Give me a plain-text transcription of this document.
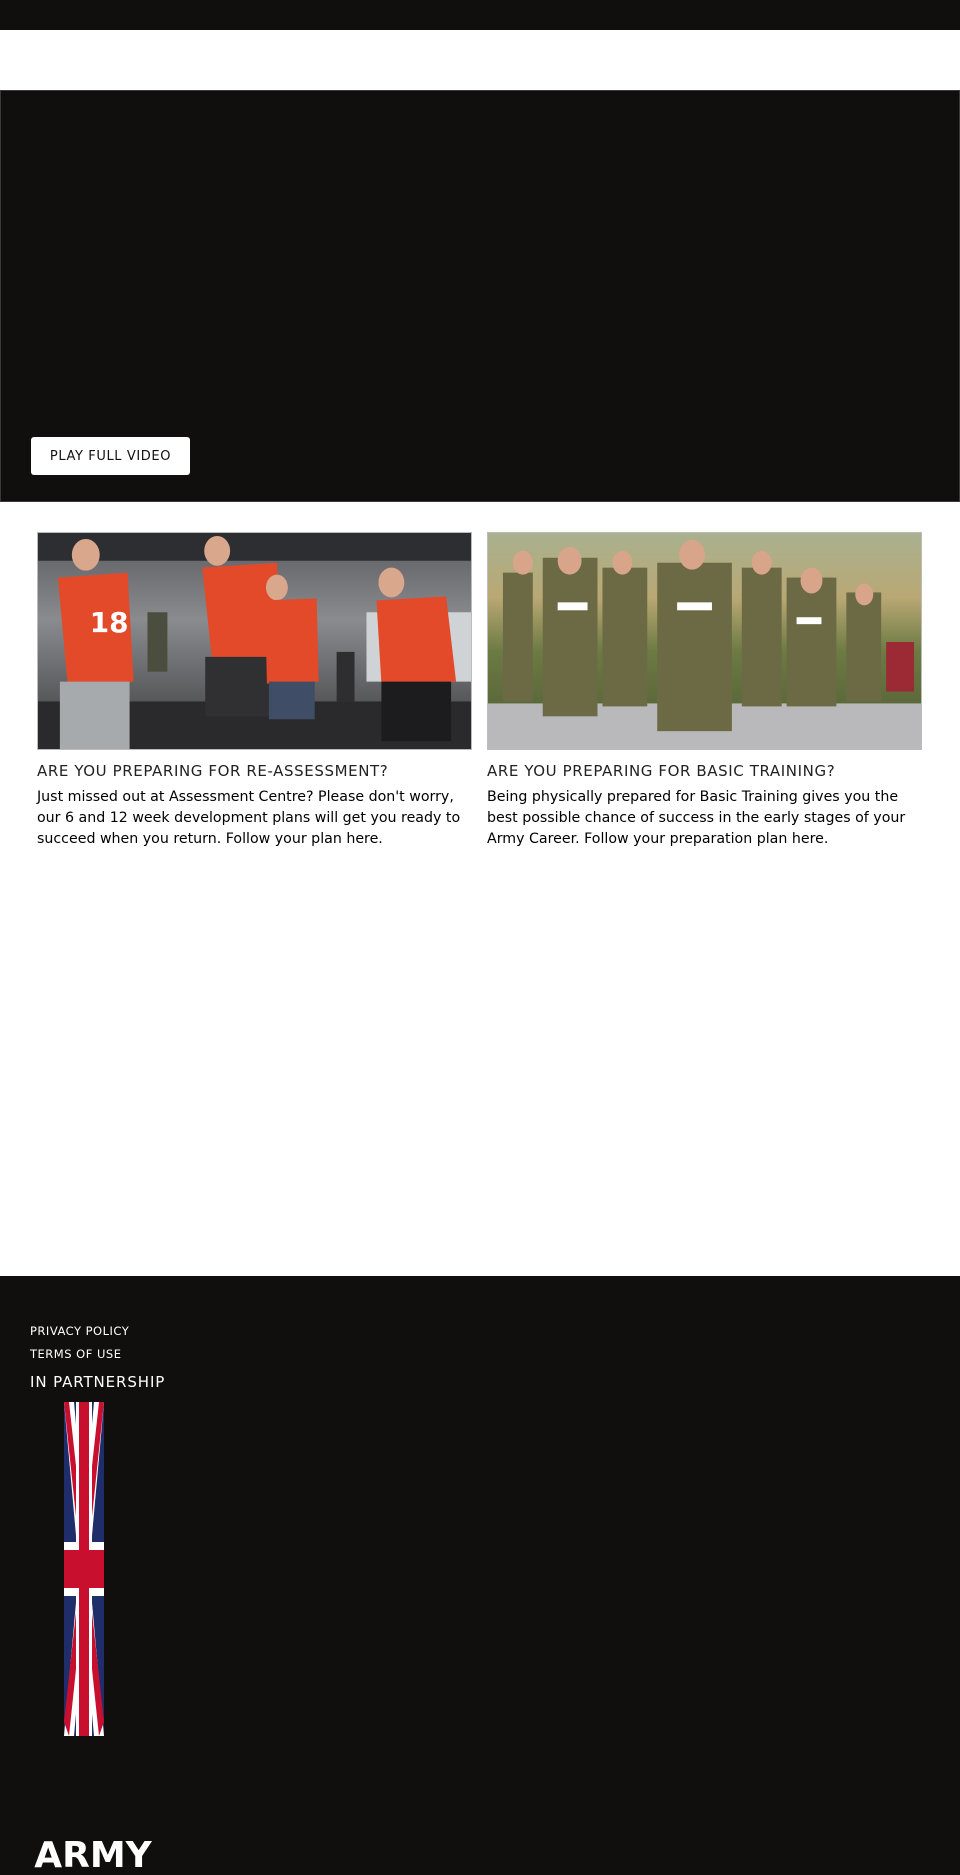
PLAY FULL VIDEO
18
ARE YOU PREPARING FOR RE-ASSESSMENT?

Just missed out at Assessment Centre? Please don't worry, our 6 and 12 week development plans will get you ready to succeed when you return. Follow your plan here.

ARE YOU PREPARING FOR BASIC TRAINING?

Being physically prepared for Basic Training gives you the best possible chance of success in the early stages of your Army Career. Follow your preparation plan here.

PRIVACY POLICY
TERMS OF USE
IN PARTNERSHIP
ARMY
